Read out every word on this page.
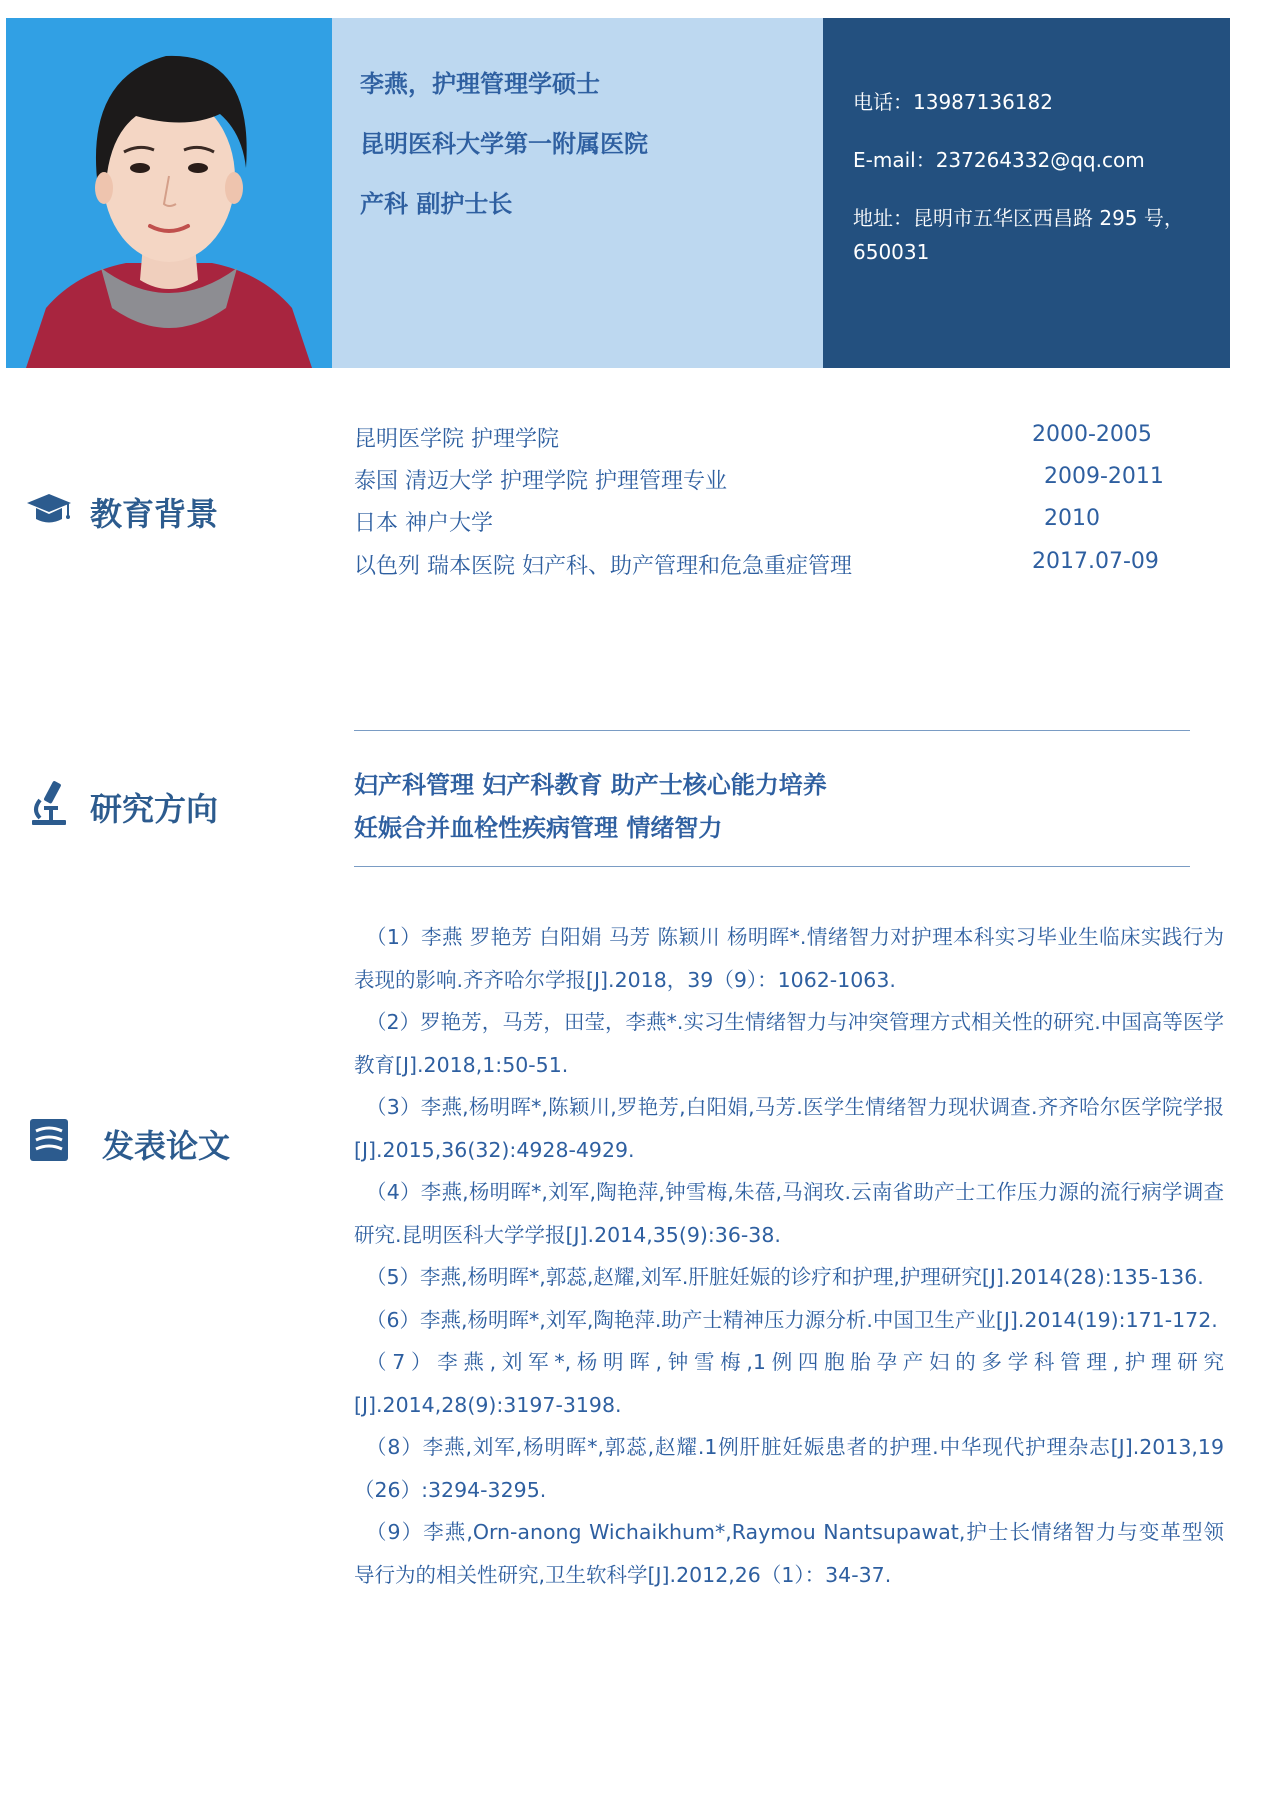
李燕，护理管理学硕士
昆明医科大学第一附属医院
产科 副护士长
电话：13987136182
E-mail：237264332@qq.com
地址：昆明市五华区西昌路 295 号，
650031
教育背景
昆明医学院 护理学院	2000-2005
泰国 清迈大学 护理学院 护理管理专业	2009-2011
日本 神户大学	2010
以色列 瑞本医院 妇产科、助产管理和危急重症管理	2017.07-09
研究方向
妇产科管理 妇产科教育 助产士核心能力培养
妊娠合并血栓性疾病管理 情绪智力
发表论文

（1）李燕 罗艳芳 白阳娟 马芳 陈颖川 杨明晖*.情绪智力对护理本科实习毕业生临床实践行为表现的影响.齐齐哈尔学报[J].2018，39（9）：1062-1063.

（2）罗艳芳，马芳，田莹，李燕*.实习生情绪智力与冲突管理方式相关性的研究.中国高等医学教育[J].2018,1:50-51.

（3）李燕,杨明晖*,陈颖川,罗艳芳,白阳娟,马芳.医学生情绪智力现状调查.齐齐哈尔医学院学报[J].2015,36(32):4928-4929.

（4）李燕,杨明晖*,刘军,陶艳萍,钟雪梅,朱蓓,马润玫.云南省助产士工作压力源的流行病学调查研究.昆明医科大学学报[J].2014,35(9):36-38.

（5）李燕,杨明晖*,郭蕊,赵耀,刘军.肝脏妊娠的诊疗和护理,护理研究[J].2014(28):135-136.

（6）李燕,杨明晖*,刘军,陶艳萍.助产士精神压力源分析.中国卫生产业[J].2014(19):171-172.

（7）李燕,刘军*,杨明晖,钟雪梅,1例四胞胎孕产妇的多学科管理,护理研究[J].2014,28(9):3197-3198.

（8）李燕,刘军,杨明晖*,郭蕊,赵耀.1例肝脏妊娠患者的护理.中华现代护理杂志[J].2013,19（26）:3294-3295.

（9）李燕,Orn-anong Wichaikhum*,Raymou Nantsupawat,护士长情绪智力与变革型领导行为的相关性研究,卫生软科学[J].2012,26（1）：34-37.
